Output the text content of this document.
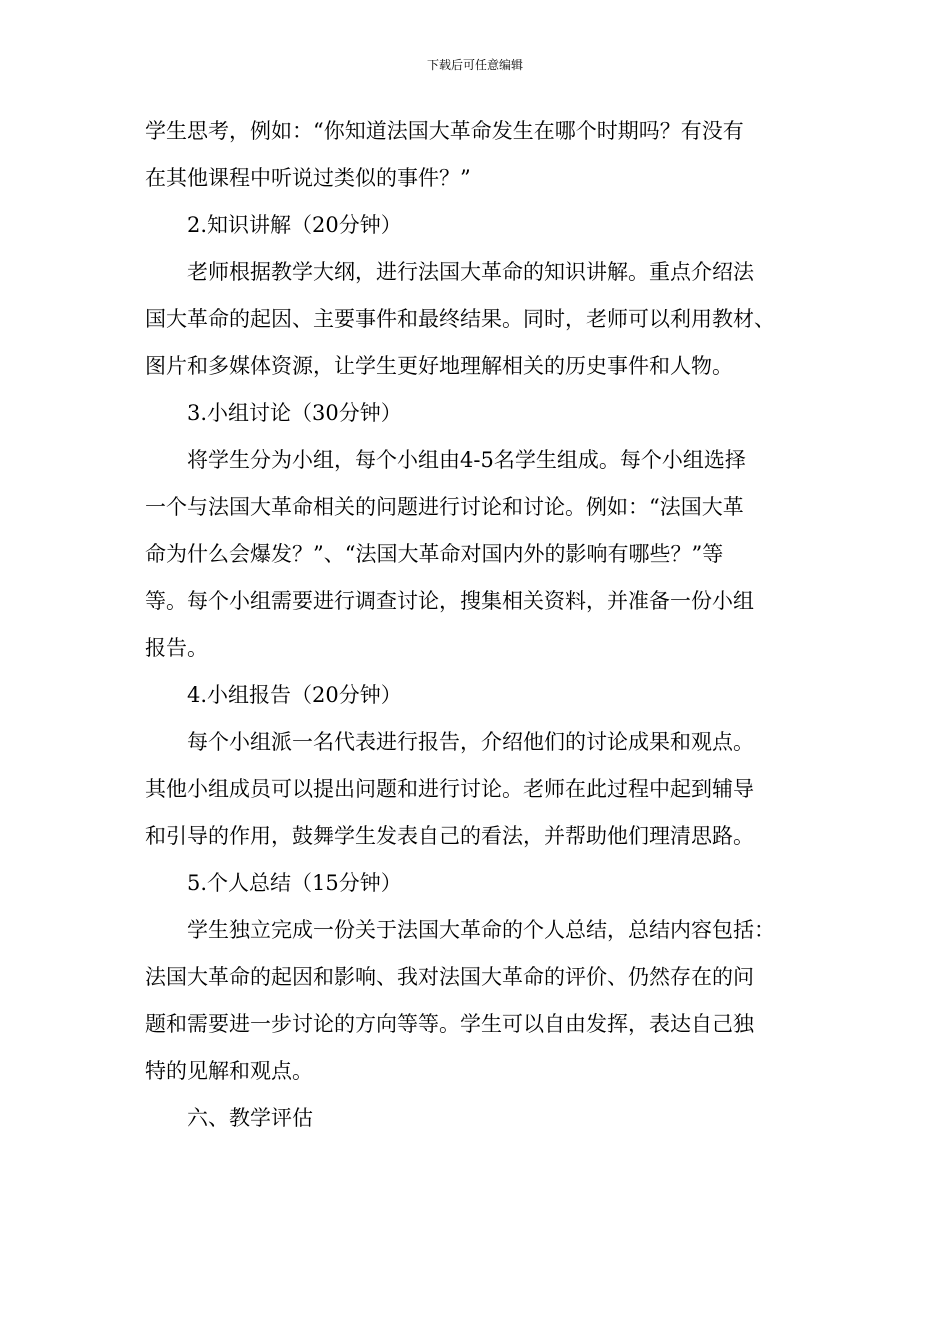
下载后可任意编辑

学生思考，例如：“你知道法国大革命发生在哪个时期吗？有没有

在其他课程中听说过类似的事件？”

2.知识讲解（20分钟）

老师根据教学大纲，进行法国大革命的知识讲解。重点介绍法

国大革命的起因、主要事件和最终结果。同时，老师可以利用教材、

图片和多媒体资源，让学生更好地理解相关的历史事件和人物。

3.小组讨论（30分钟）

将学生分为小组，每个小组由4-5名学生组成。每个小组选择

一个与法国大革命相关的问题进行讨论和讨论。例如：“法国大革

命为什么会爆发？”、“法国大革命对国内外的影响有哪些？”等

等。每个小组需要进行调查讨论，搜集相关资料，并准备一份小组

报告。

4.小组报告（20分钟）

每个小组派一名代表进行报告，介绍他们的讨论成果和观点。

其他小组成员可以提出问题和进行讨论。老师在此过程中起到辅导

和引导的作用，鼓舞学生发表自己的看法，并帮助他们理清思路。

5.个人总结（15分钟）

学生独立完成一份关于法国大革命的个人总结，总结内容包括：

法国大革命的起因和影响、我对法国大革命的评价、仍然存在的问

题和需要进一步讨论的方向等等。学生可以自由发挥，表达自己独

特的见解和观点。

六、教学评估
